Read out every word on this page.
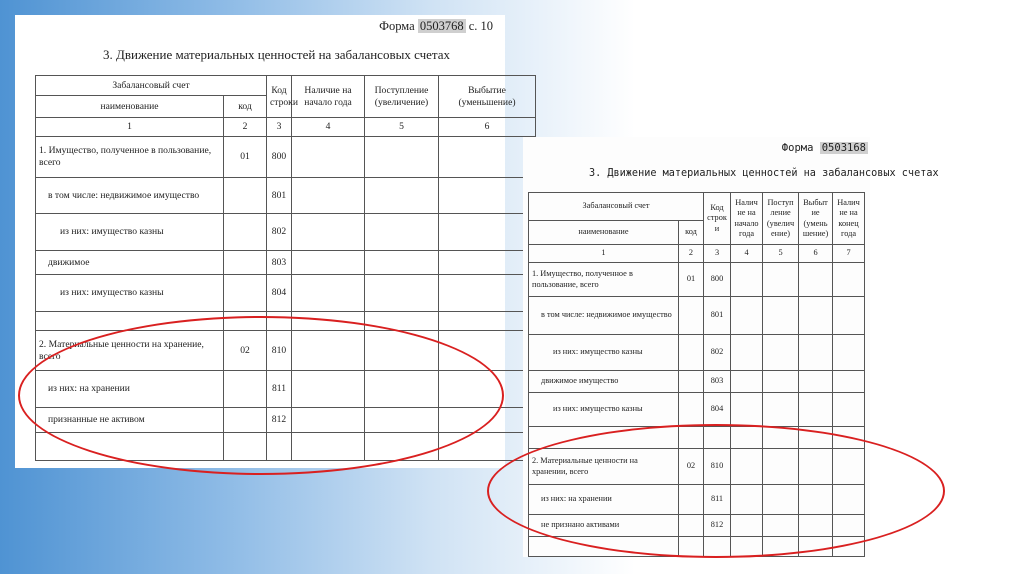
Форма 0503768 с. 10
3. Движение материальных ценностей на забалансовых счетах
Забалансовый счет		Код строки	Наличие на начало года	Поступление (увеличение)	Выбытие (уменьшение)
наименование	код				
1	2	3	4	5	6
1. Имущество, полученное в пользование, всего	01	800			
в том числе: недвижимое имущество		801			
из них: имущество казны		802			
движимое		803			
из них: имущество казны		804			

2. Материальные ценности на хранение, всего	02	810			
из них: на хранении		811			
признанные не активом		812			

Форма 0503168
3. Движение материальных ценностей на забалансовых счетах
Забалансовый счет		Код строк и	Налич не на начало года	Поступ ление (увелич ение)	Выбыт ие (умень шение)	Налич не на конец года
наименование	код					
1	2	3	4	5	6	7
1. Имущество, полученное в пользование, всего	01	800				
в том числе: недвижимое имущество		801				
из них: имущество казны		802				
движимое имущество		803				
из них: имущество казны		804				

2. Материальные ценности на хранении, всего	02	810				
из них: на хранении		811				
не признано активами		812				
